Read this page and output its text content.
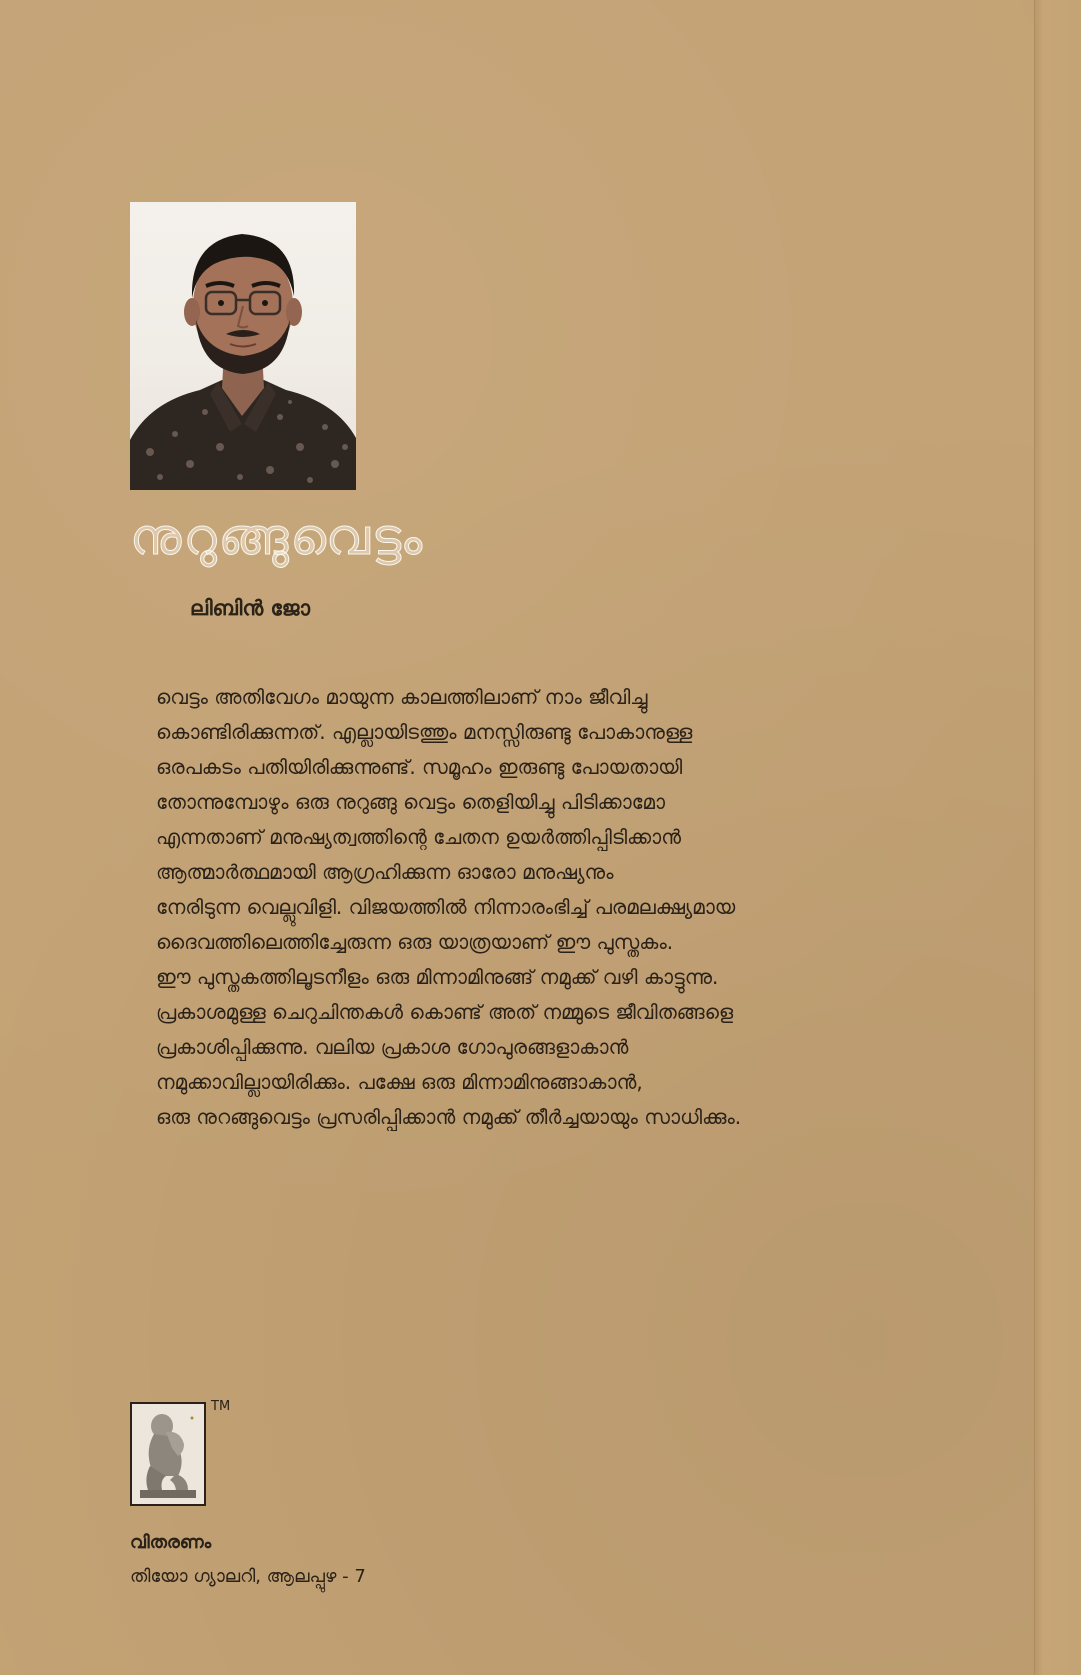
നുറുങ്ങുവെട്ടം
ലിബിൻ ജോ
വെട്ടം അതിവേഗം മായുന്ന കാലത്തിലാണ് നാം ജീവിച്ചു
കൊണ്ടിരിക്കുന്നത്. എല്ലായിടത്തും മനസ്സിരുണ്ടു പോകാനുള്ള
ഒരപകടം പതിയിരിക്കുന്നുണ്ട്. സമൂഹം ഇരുണ്ടു പോയതായി
തോന്നുമ്പോഴും ഒരു നുറുങ്ങു വെട്ടം തെളിയിച്ചു പിടിക്കാമോ
എന്നതാണ് മനുഷ്യത്വത്തിന്റെ ചേതന ഉയർത്തിപ്പിടിക്കാൻ
ആത്മാർത്ഥമായി ആഗ്രഹിക്കുന്ന ഓരോ മനുഷ്യനും
നേരിടുന്ന വെല്ലുവിളി. വിജയത്തിൽ നിന്നാരംഭിച്ച് പരമലക്ഷ്യമായ
ദൈവത്തിലെത്തിച്ചേരുന്ന ഒരു യാത്രയാണ് ഈ പുസ്തകം.
ഈ പുസ്തകത്തിലൂടനീളം ഒരു മിന്നാമിനുങ്ങ് നമുക്ക് വഴി കാട്ടുന്നു.
പ്രകാശമുള്ള ചെറുചിന്തകൾ കൊണ്ട് അത് നമ്മുടെ ജീവിതങ്ങളെ
പ്രകാശിപ്പിക്കുന്നു. വലിയ പ്രകാശ ഗോപുരങ്ങളാകാൻ
നമുക്കാവില്ലായിരിക്കും. പക്ഷേ ഒരു മിന്നാമിനുങ്ങാകാൻ,
ഒരു നുറങ്ങുവെട്ടം പ്രസരിപ്പിക്കാൻ നമുക്ക് തീർച്ചയായും സാധിക്കും.
TM
വിതരണം
തിയോ ഗ്യാലറി, ആലപ്പുഴ - 7
